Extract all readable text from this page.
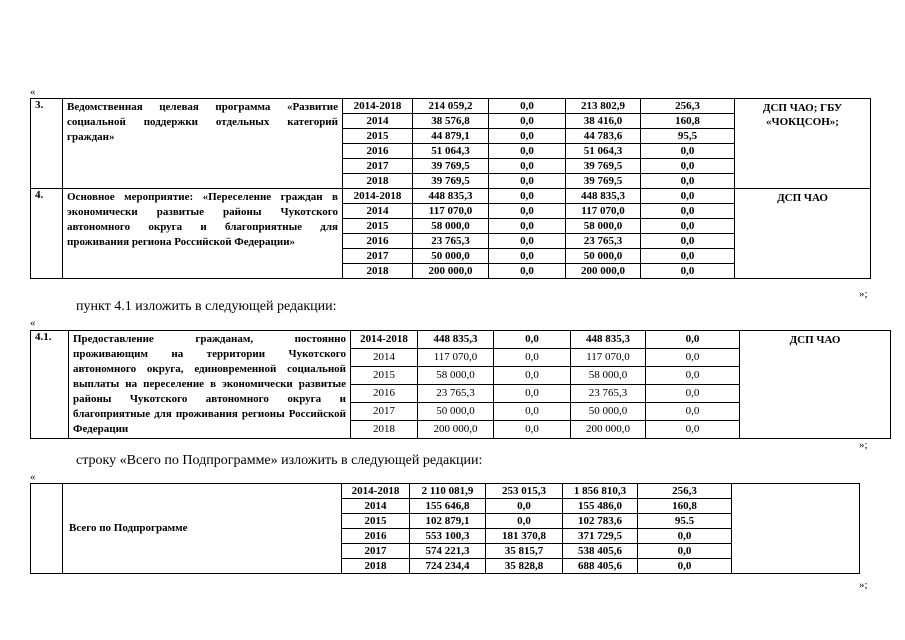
«
3.	Ведомственная целевая программа «Развитие социальной поддержки отдельных категорий граждан»	2014-2018	214 059,2	0,0	213 802,9	256,3	ДСП ЧАО; ГБУ «ЧОКЦСОН»;
		2014	38 576,8	0,0	38 416,0	160,8	
		2015	44 879,1	0,0	44 783,6	95,5	
		2016	51 064,3	0,0	51 064,3	0,0	
		2017	39 769,5	0,0	39 769,5	0,0	
		2018	39 769,5	0,0	39 769,5	0,0	
4.	Основное мероприятие: «Переселение граждан в экономически развитые районы Чукотского автономного округа и благоприятные для проживания региона Российской Федерации»	2014-2018	448 835,3	0,0	448 835,3	0,0	ДСП ЧАО
		2014	117 070,0	0,0	117 070,0	0,0	
		2015	58 000,0	0,0	58 000,0	0,0	
		2016	23 765,3	0,0	23 765,3	0,0	
		2017	50 000,0	0,0	50 000,0	0,0	
		2018	200 000,0	0,0	200 000,0	0,0	
»;
пункт 4.1 изложить в следующей редакции:
«
4.1.	Предоставление гражданам, постоянно проживающим на территории Чукотского автономного округа, единовременной социальной выплаты на переселение в экономически развитые районы Чукотского автономного округа и благоприятные для проживания регионы Российской Федерации	2014-2018	448 835,3	0,0	448 835,3	0,0	ДСП ЧАО
		2014	117 070,0	0,0	117 070,0	0,0	
		2015	58 000,0	0,0	58 000,0	0,0	
		2016	23 765,3	0,0	23 765,3	0,0	
		2017	50 000,0	0,0	50 000,0	0,0	
		2018	200 000,0	0,0	200 000,0	0,0	
»;
строку «Всего по Подпрограмме» изложить в следующей редакции:
«
	Всего по Подпрограмме	2014-2018	2 110 081,9	253 015,3	1 856 810,3	256,3	
		2014	155 646,8	0,0	155 486,0	160,8	
		2015	102 879,1	0,0	102 783,6	95.5	
		2016	553 100,3	181 370,8	371 729,5	0,0	
		2017	574 221,3	35 815,7	538 405,6	0,0	
		2018	724 234,4	35 828,8	688 405,6	0,0	
»;
